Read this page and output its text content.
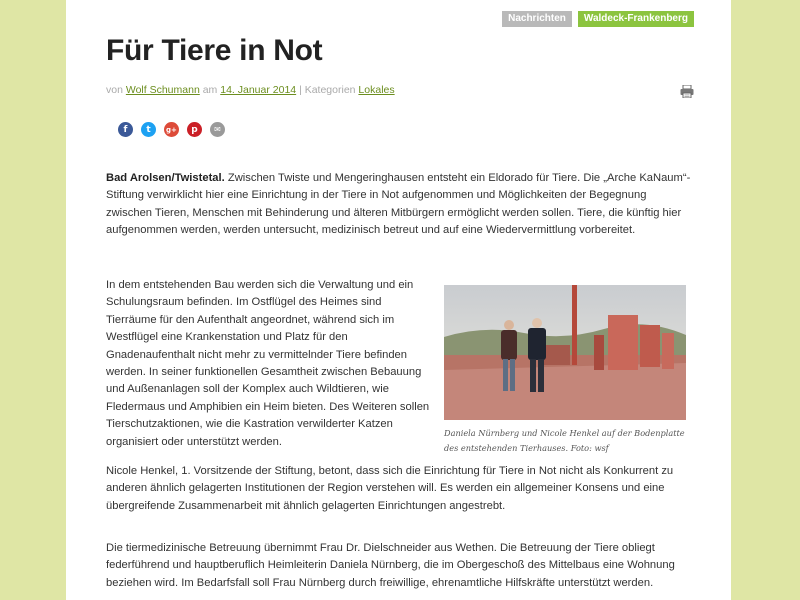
Nachrichten	Waldeck-Frankenberg
Für Tiere in Not
von Wolf Schumann am 14. Januar 2014 | Kategorien Lokales
f	t	g+	p	✉

Bad Arolsen/Twistetal. Zwischen Twiste und Mengeringhausen entsteht ein Eldorado für Tiere. Die „Arche KaNaum“-Stiftung verwirklicht hier eine Einrichtung in der Tiere in Not aufgenommen und Möglichkeiten der Begegnung zwischen Tieren, Menschen mit Behinderung und älteren Mitbürgern ermöglicht werden sollen. Tiere, die künftig hier aufgenommen werden, werden untersucht, medizinisch betreut und auf eine Wiedervermittlung vorbereitet.

In dem entstehenden Bau werden sich die Verwaltung und ein Schulungsraum befinden. Im Ostflügel des Heimes sind Tierräume für den Aufenthalt angeordnet, während sich im Westflügel eine Krankenstation und Platz für den Gnadenaufenthalt nicht mehr zu vermittelnder Tiere befinden werden. In seiner funktionellen Gesamtheit zwischen Bebauung und Außenanlagen soll der Komplex auch Wildtieren, wie Fledermaus und Amphibien ein Heim bieten. Des Weiteren sollen Tierschutzaktionen, wie die Kastration verwilderter Katzen organisiert oder unterstützt werden.

Daniela Nürnberg und Nicole Henkel auf der Bodenplatte des entstehenden Tierhauses. Foto: wsf

Nicole Henkel, 1. Vorsitzende der Stiftung, betont, dass sich die Einrichtung für Tiere in Not nicht als Konkurrent zu anderen ähnlich gelagerten Institutionen der Region verstehen will. Es werden ein allgemeiner Konsens und eine übergreifende Zusammenarbeit mit ähnlich gelagerten Einrichtungen angestrebt.

Die tiermedizinische Betreuung übernimmt Frau Dr. Dielschneider aus Wethen. Die Betreuung der Tiere obliegt federführend und hauptberuflich Heimleiterin Daniela Nürnberg, die im Obergeschoß des Mittelbaus eine Wohnung beziehen wird. Im Bedarfsfall soll Frau Nürnberg durch freiwillige, ehrenamtliche Hilfskräfte unterstützt werden.
